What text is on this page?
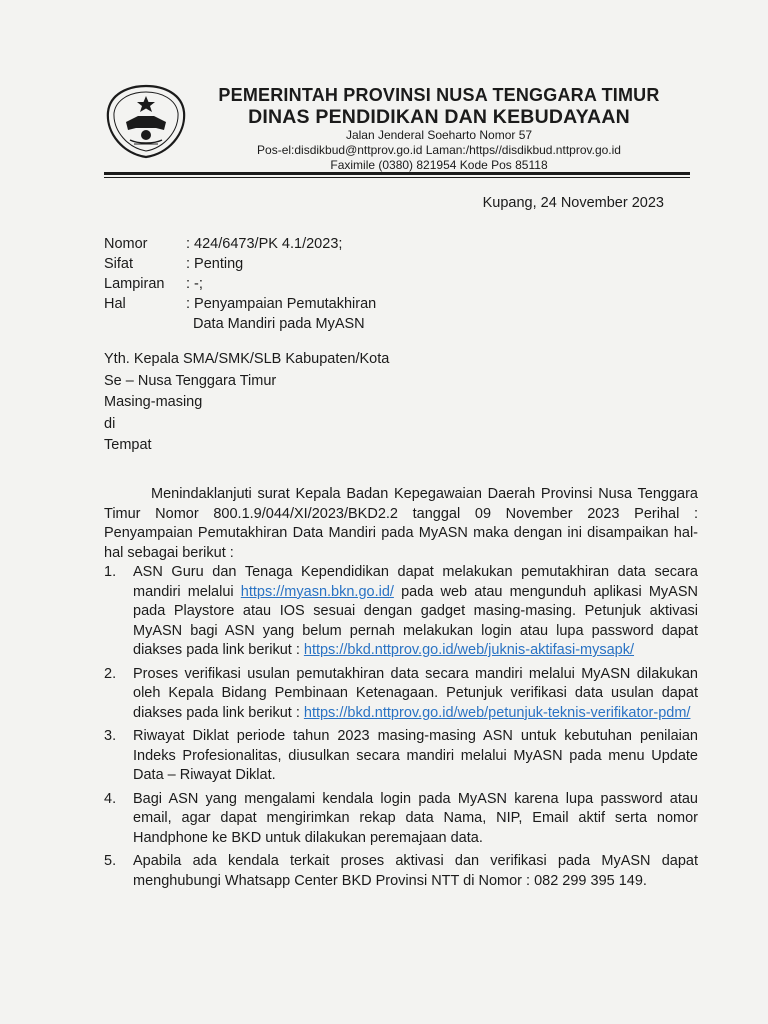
PEMERINTAH PROVINSI NUSA TENGGARA TIMUR
DINAS PENDIDIKAN DAN KEBUDAYAAN
Jalan Jenderal Soeharto Nomor 57
Pos-el:disdikbud@nttprov.go.id Laman:/https//disdikbud.nttprov.go.id
Faximile (0380) 821954 Kode Pos 85118
Kupang, 24 November 2023
Nomor	: 424/6473/PK 4.1/2023;
Sifat	: Penting
Lampiran	: -;
Hal	: Penyampaian Pemutakhiran
Data Mandiri pada MyASN
Yth. Kepala SMA/SMK/SLB Kabupaten/Kota
Se – Nusa Tenggara Timur
Masing-masing
di
Tempat

Menindaklanjuti surat Kepala Badan Kepegawaian Daerah Provinsi Nusa Tenggara Timur Nomor 800.1.9/044/XI/2023/BKD2.2 tanggal 09 November 2023 Perihal : Penyampaian Pemutakhiran Data Mandiri pada MyASN maka dengan ini disampaikan hal-hal sebagai berikut :

1. ASN Guru dan Tenaga Kependidikan dapat melakukan pemutakhiran data secara mandiri melalui https://myasn.bkn.go.id/ pada web atau mengunduh aplikasi MyASN pada Playstore atau IOS sesuai dengan gadget masing-masing. Petunjuk aktivasi MyASN bagi ASN yang belum pernah melakukan login atau lupa password dapat diakses pada link berikut : https://bkd.nttprov.go.id/web/juknis-aktifasi-mysapk/
2. Proses verifikasi usulan pemutakhiran data secara mandiri melalui MyASN dilakukan oleh Kepala Bidang Pembinaan Ketenagaan. Petunjuk verifikasi data usulan dapat diakses pada link berikut : https://bkd.nttprov.go.id/web/petunjuk-teknis-verifikator-pdm/
3. Riwayat Diklat periode tahun 2023 masing-masing ASN untuk kebutuhan penilaian Indeks Profesionalitas, diusulkan secara mandiri melalui MyASN pada menu Update Data – Riwayat Diklat.
4. Bagi ASN yang mengalami kendala login pada MyASN karena lupa password atau email, agar dapat mengirimkan rekap data Nama, NIP, Email aktif serta nomor Handphone ke BKD untuk dilakukan peremajaan data.
5. Apabila ada kendala terkait proses aktivasi dan verifikasi pada MyASN dapat menghubungi Whatsapp Center BKD Provinsi NTT di Nomor : 082 299 395 149.
